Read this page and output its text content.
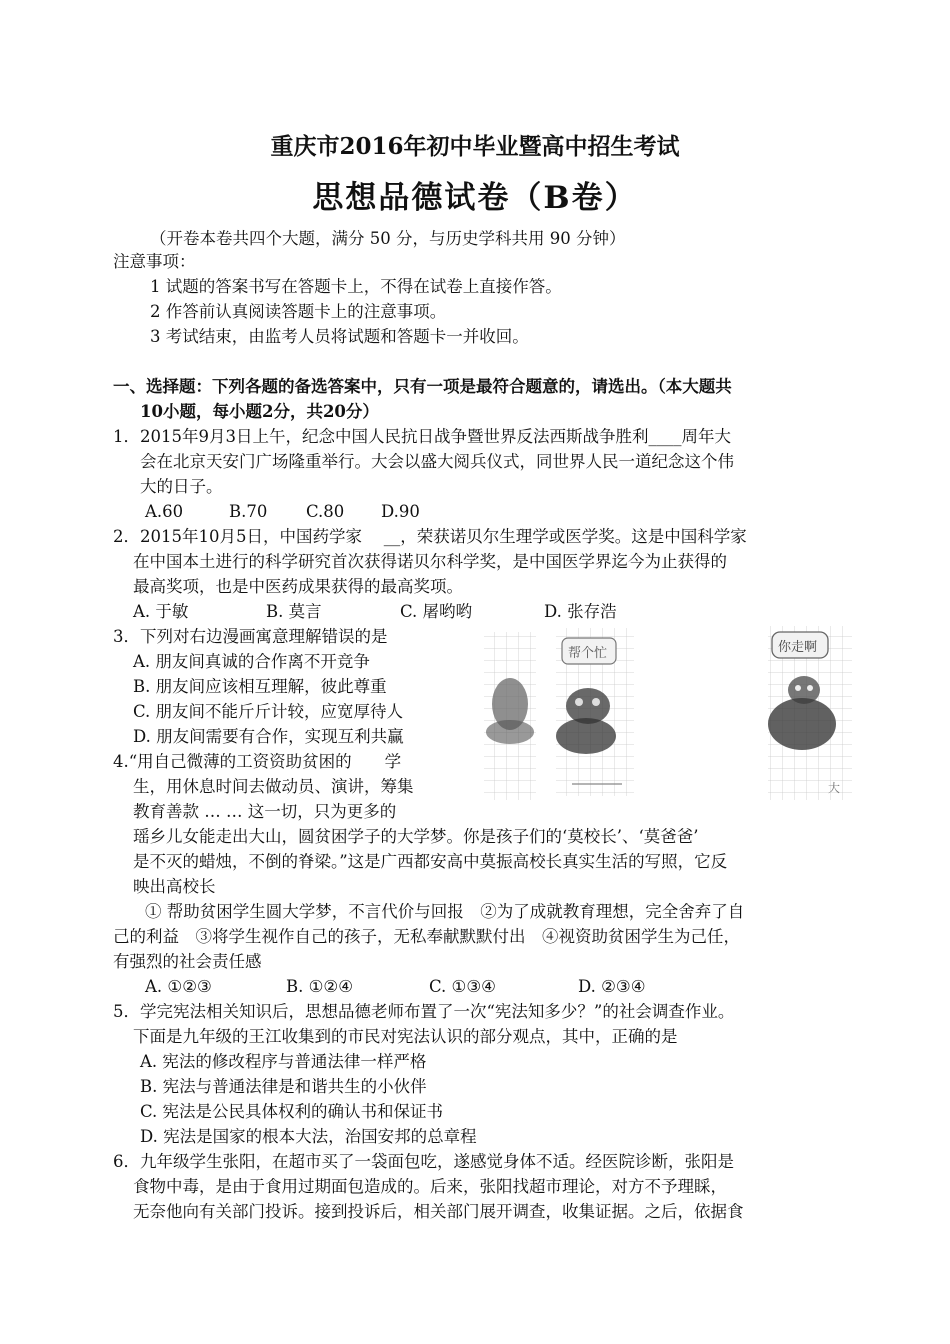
重庆市2016年初中毕业暨高中招生考试
思想品德试卷（B卷）
（开卷本卷共四个大题，满分 50 分，与历史学科共用 90 分钟）
注意事项：
1 试题的答案书写在答题卡上，不得在试卷上直接作答。
2 作答前认真阅读答题卡上的注意事项。
3 考试结束，由监考人员将试题和答题卡一并收回。
一、选择题：下列各题的备选答案中，只有一项是最符合题意的，请选出。（本大题共
10小题，每小题2分，共20分）
1．2015年9月3日上午，纪念中国人民抗日战争暨世界反法西斯战争胜利____周年大
会在北京天安门广场隆重举行。大会以盛大阅兵仪式，同世界人民一道纪念这个伟
大的日子。
A.60	B.70 C.80 D.90
2．2015年10月5日，中国药学家　 __，荣获诺贝尔生理学或医学奖。这是中国科学家
在中国本土进行的科学研究首次获得诺贝尔科学奖，是中国医学界迄今为止获得的
最高奖项，也是中医药成果获得的最高奖项。
A. 于敏	B. 莫言	C. 屠哟哟	D. 张存浩
3．下列对右边漫画寓意理解错误的是
A. 朋友间真诚的合作离不开竞争
B. 朋友间应该相互理解，彼此尊重
C. 朋友间不能斤斤计较，应宽厚待人
D. 朋友间需要有合作，实现互利共赢
帮个忙	你走啊
大
4.“用自己微薄的工资资助贫困的　　学
生，用休息时间去做动员、演讲，筹集
教育善款 … … 这一切，只为更多的
瑶乡儿女能走出大山，圆贫困学子的大学梦。你是孩子们的‘莫校长’、‘莫爸爸’
是不灭的蜡烛，不倒的脊梁。”这是广西都安高中莫振高校长真实生活的写照，它反
映出高校长
① 帮助贫困学生圆大学梦，不言代价与回报　②为了成就教育理想，完全舍弃了自
己的利益　③将学生视作自己的孩子，无私奉献默默付出　④视资助贫困学生为己任，
有强烈的社会责任感
A. ①②③	B. ①②④	C. ①③④	D. ②③④
5．学完宪法相关知识后，思想品德老师布置了一次“宪法知多少？”的社会调查作业。
下面是九年级的王江收集到的市民对宪法认识的部分观点，其中，正确的是
A. 宪法的修改程序与普通法律一样严格
B. 宪法与普通法律是和谐共生的小伙伴
C. 宪法是公民具体权利的确认书和保证书
D. 宪法是国家的根本大法，治国安邦的总章程
6．九年级学生张阳，在超市买了一袋面包吃，遂感觉身体不适。经医院诊断，张阳是
食物中毒，是由于食用过期面包造成的。后来，张阳找超市理论，对方不予理睬，
无奈他向有关部门投诉。接到投诉后，相关部门展开调查，收集证据。之后，依据食
